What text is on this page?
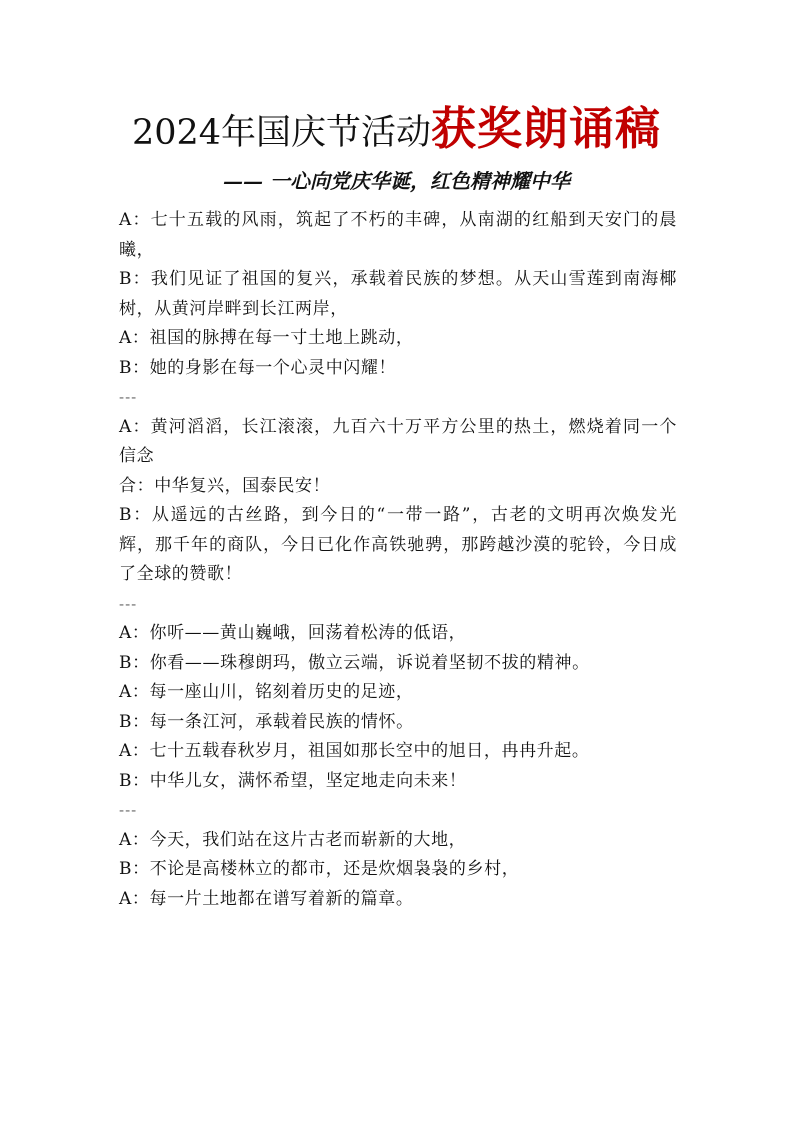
2024年国庆节活动获奖朗诵稿
—— 一心向党庆华诞，红色精神耀中华

A：七十五载的风雨，筑起了不朽的丰碑，从南湖的红船到天安门的晨曦，

B：我们见证了祖国的复兴，承载着民族的梦想。从天山雪莲到南海椰树，从黄河岸畔到长江两岸，

A：祖国的脉搏在每一寸土地上跳动，

B：她的身影在每一个心灵中闪耀！

---

A：黄河滔滔，长江滚滚，九百六十万平方公里的热土，燃烧着同一个信念

合：中华复兴，国泰民安！

B：从遥远的古丝路，到今日的“一带一路”，古老的文明再次焕发光辉，那千年的商队，今日已化作高铁驰骋，那跨越沙漠的驼铃，今日成了全球的赞歌！

---

A：你听——黄山巍峨，回荡着松涛的低语，

B：你看——珠穆朗玛，傲立云端，诉说着坚韧不拔的精神。

A：每一座山川，铭刻着历史的足迹，

B：每一条江河，承载着民族的情怀。

A：七十五载春秋岁月，祖国如那长空中的旭日，冉冉升起。

B：中华儿女，满怀希望，坚定地走向未来！

---

A：今天，我们站在这片古老而崭新的大地，

B：不论是高楼林立的都市，还是炊烟袅袅的乡村，

A：每一片土地都在谱写着新的篇章。
